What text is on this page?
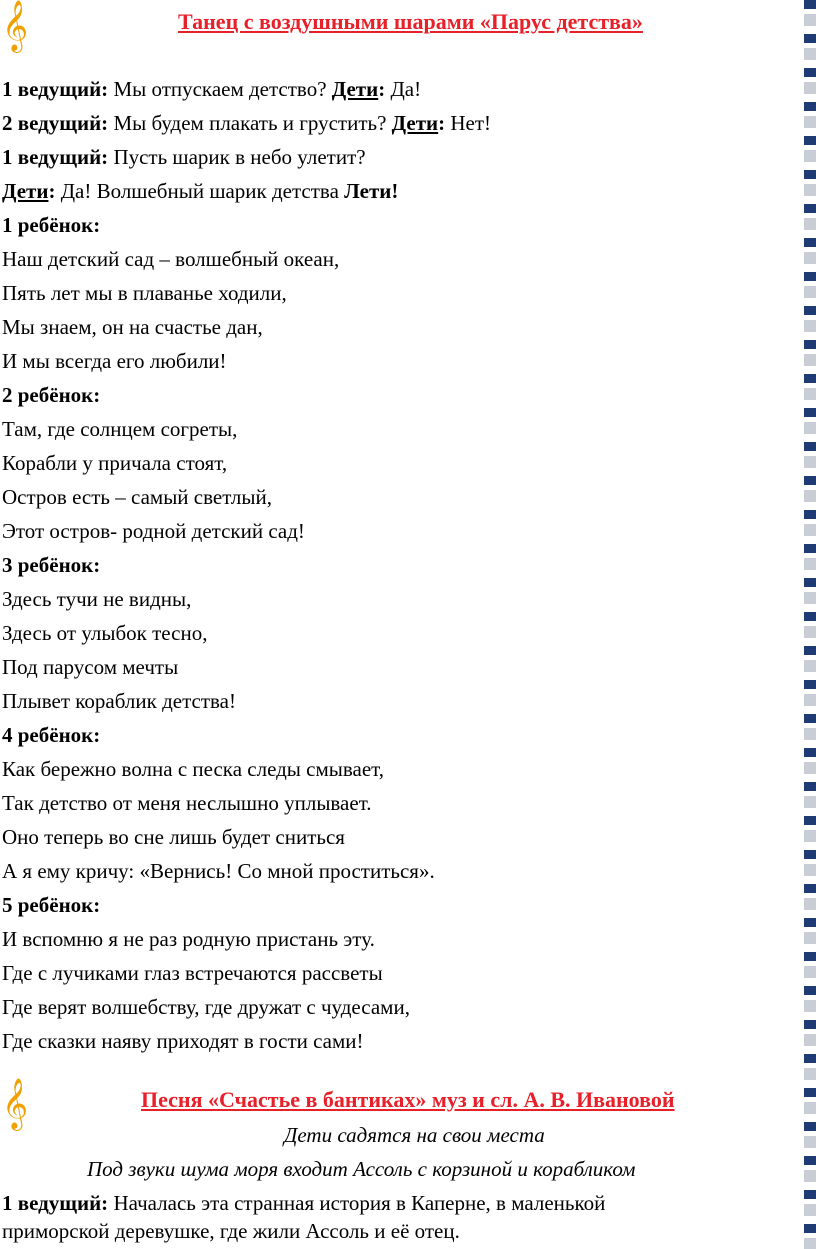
𝄞	Танец с воздушными шарами «Парус детства»
1 ведущий: Мы отпускаем детство? Дети: Да!
2 ведущий: Мы будем плакать и грустить? Дети: Нет!
1 ведущий: Пусть шарик в небо улетит?
Дети: Да! Волшебный шарик детства Лети!
1 ребёнок:
Наш детский сад – волшебный океан,
Пять лет мы в плаванье ходили,
Мы знаем, он на счастье дан,
И мы всегда его любили!
2 ребёнок:
Там, где солнцем согреты,
Корабли у причала стоят,
Остров есть – самый светлый,
Этот остров- родной детский сад!
3 ребёнок:
Здесь тучи не видны,
Здесь от улыбок тесно,
Под парусом мечты
Плывет кораблик детства!
4 ребёнок:
Как бережно волна с песка следы смывает,
Так детство от меня неслышно уплывает.
Оно теперь во сне лишь будет сниться
А я ему кричу: «Вернись! Со мной проститься».
5 ребёнок:
И вспомню я не раз родную пристань эту.
Где с лучиками глаз встречаются рассветы
Где верят волшебству, где дружат с чудесами,
Где сказки наяву приходят в гости сами!
𝄞	Песня «Счастье в бантиках» муз и сл. А. В. Ивановой
Дети садятся на свои места
Под звуки шума моря входит Ассоль с корзиной и корабликом
1 ведущий: Началась эта странная история в Каперне, в маленькой
приморской деревушке, где жили Ассоль и её отец.
